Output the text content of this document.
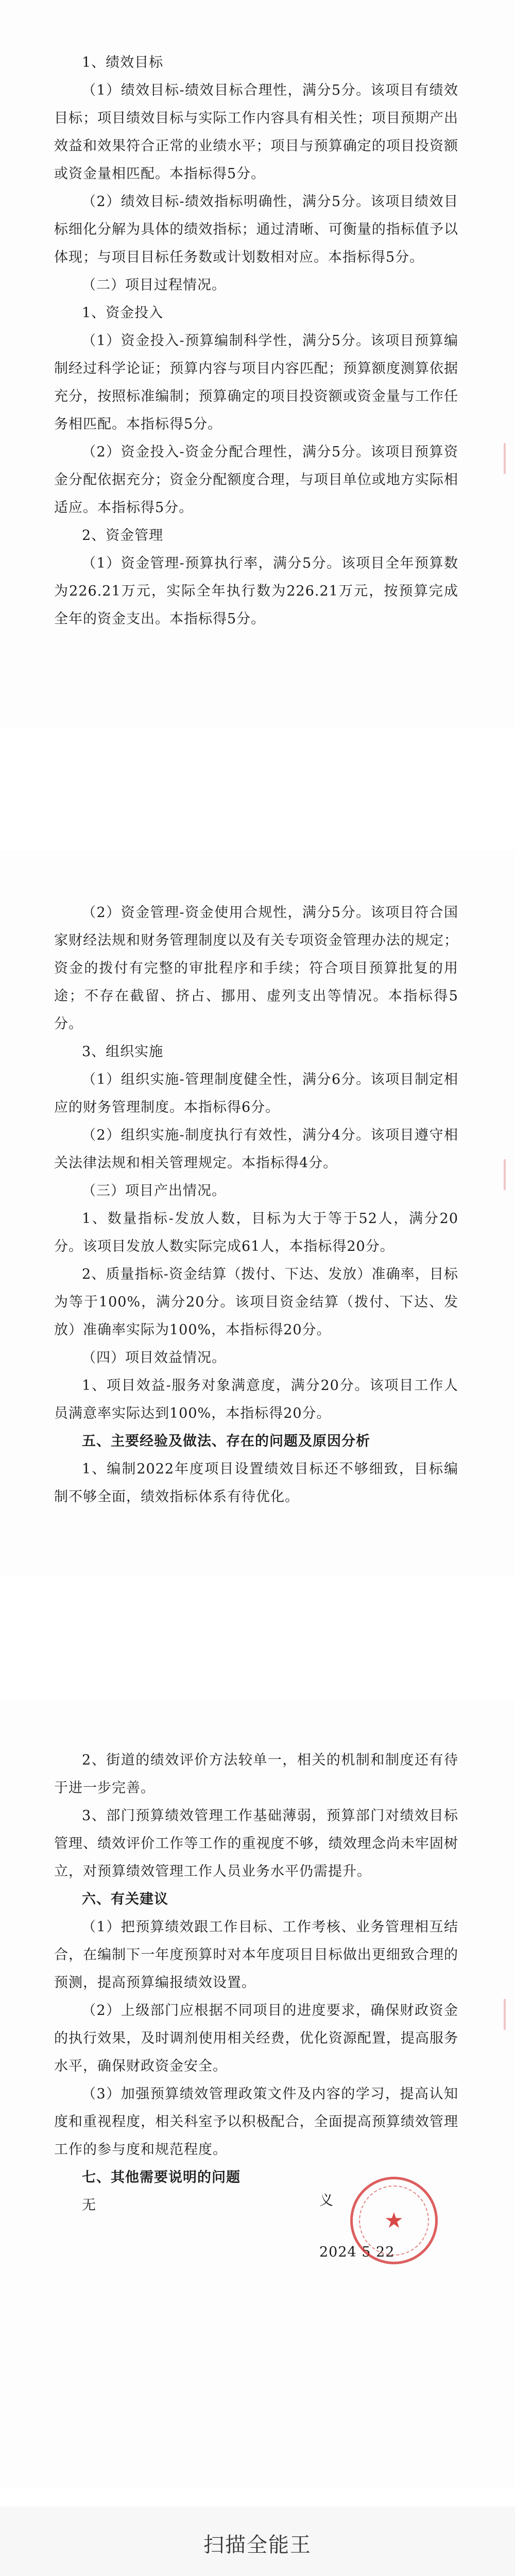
1、绩效目标

（1）绩效目标-绩效目标合理性，满分5分。该项目有绩效目标；项目绩效目标与实际工作内容具有相关性；项目预期产出效益和效果符合正常的业绩水平；项目与预算确定的项目投资额或资金量相匹配。本指标得5分。

（2）绩效目标-绩效指标明确性，满分5分。该项目绩效目标细化分解为具体的绩效指标；通过清晰、可衡量的指标值予以体现；与项目目标任务数或计划数相对应。本指标得5分。

（二）项目过程情况。

1、资金投入

（1）资金投入-预算编制科学性，满分5分。该项目预算编制经过科学论证；预算内容与项目内容匹配；预算额度测算依据充分，按照标准编制；预算确定的项目投资额或资金量与工作任务相匹配。本指标得5分。

（2）资金投入-资金分配合理性，满分5分。该项目预算资金分配依据充分；资金分配额度合理，与项目单位或地方实际相适应。本指标得5分。

2、资金管理

（1）资金管理-预算执行率，满分5分。该项目全年预算数为226.21万元，实际全年执行数为226.21万元，按预算完成全年的资金支出。本指标得5分。

（2）资金管理-资金使用合规性，满分5分。该项目符合国家财经法规和财务管理制度以及有关专项资金管理办法的规定；资金的拨付有完整的审批程序和手续；符合项目预算批复的用途；不存在截留、挤占、挪用、虚列支出等情况。本指标得5分。

3、组织实施

（1）组织实施-管理制度健全性，满分6分。该项目制定相应的财务管理制度。本指标得6分。

（2）组织实施-制度执行有效性，满分4分。该项目遵守相关法律法规和相关管理规定。本指标得4分。

（三）项目产出情况。

1、数量指标-发放人数，目标为大于等于52人，满分20分。该项目发放人数实际完成61人，本指标得20分。

2、质量指标-资金结算（拨付、下达、发放）准确率，目标为等于100%，满分20分。该项目资金结算（拨付、下达、发放）准确率实际为100%，本指标得20分。

（四）项目效益情况。

1、项目效益-服务对象满意度，满分20分。该项目工作人员满意率实际达到100%，本指标得20分。

五、主要经验及做法、存在的问题及原因分析

1、编制2022年度项目设置绩效目标还不够细致，目标编制不够全面，绩效指标体系有待优化。

2、街道的绩效评价方法较单一，相关的机制和制度还有待于进一步完善。

3、部门预算绩效管理工作基础薄弱，预算部门对绩效目标管理、绩效评价工作等工作的重视度不够，绩效理念尚未牢固树立，对预算绩效管理工作人员业务水平仍需提升。

六、有关建议

（1）把预算绩效跟工作目标、工作考核、业务管理相互结合，在编制下一年度预算时对本年度项目目标做出更细致合理的预测，提高预算编报绩效设置。

（2）上级部门应根据不同项目的进度要求，确保财政资金的执行效果，及时调剂使用相关经费，优化资源配置，提高服务水平，确保财政资金安全。

（3）加强预算绩效管理政策文件及内容的学习，提高认知度和重视程度，相关科室予以积极配合，全面提高预算绩效管理工作的参与度和规范程度。

七、其他需要说明的问题

无	义
2024 5 22
★
扫描全能王
